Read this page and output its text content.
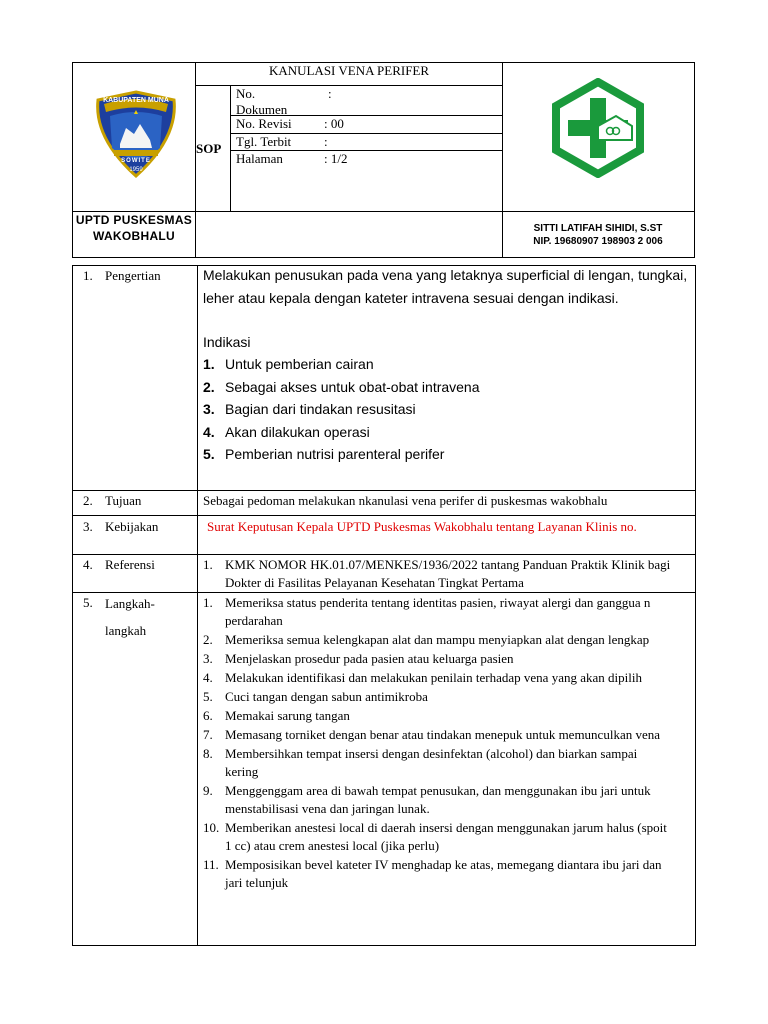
KABUPATEN MUNA
SOWITE
1959
KANULASI VENA PERIFER
SOP
No.
Dokumen
:
No. Revisi : 00
Tgl. Terbit	:
Halaman	: 1/2
UPTD PUSKESMAS WAKOBHALU
SITTI LATIFAH SIHIDI, S.ST
NIP. 19680907 198903 2 006
1. Pengertian	Melakukan penusukan pada vena yang letaknya superficial di lengan, tungkai, leher atau kepala dengan kateter intravena sesuai dengan indikasi.
Indikasi
1. Untuk pemberian cairan
2. Sebagai akses untuk obat-obat intravena
3. Bagian dari tindakan resusitasi
4. Akan dilakukan operasi
5. Pemberian nutrisi parenteral perifer
2. Tujuan	Sebagai pedoman melakukan nkanulasi vena perifer di puskesmas wakobhalu
3. Kebijakan	Surat Keputusan Kepala UPTD Puskesmas Wakobhalu tentang Layanan Klinis no.
4. Referensi	1. KMK NOMOR HK.01.07/MENKES/1936/2022 tantang Panduan Praktik Klinik bagi Dokter di Fasilitas Pelayanan Kesehatan Tingkat Pertama
5. Langkah-
langkah
1. Memeriksa status penderita tentang identitas pasien, riwayat alergi dan ganggua n perdarahan
2. Memeriksa semua kelengkapan alat dan mampu menyiapkan alat dengan lengkap
3. Menjelaskan prosedur pada pasien atau keluarga pasien
4. Melakukan identifikasi dan melakukan penilain terhadap vena yang akan dipilih
5. Cuci tangan dengan sabun antimikroba
6. Memakai sarung tangan
7. Memasang torniket dengan benar atau tindakan menepuk untuk memunculkan vena
8. Membersihkan tempat insersi dengan desinfektan (alcohol) dan biarkan sampai kering
9. Menggenggam area di bawah tempat penusukan, dan menggunakan ibu jari untuk menstabilisasi vena dan jaringan lunak.
10. Memberikan anestesi local di daerah insersi dengan menggunakan jarum halus (spoit 1 cc) atau crem anestesi local (jika perlu)
11. Memposisikan bevel kateter IV menghadap ke atas, memegang diantara ibu jari dan jari telunjuk
